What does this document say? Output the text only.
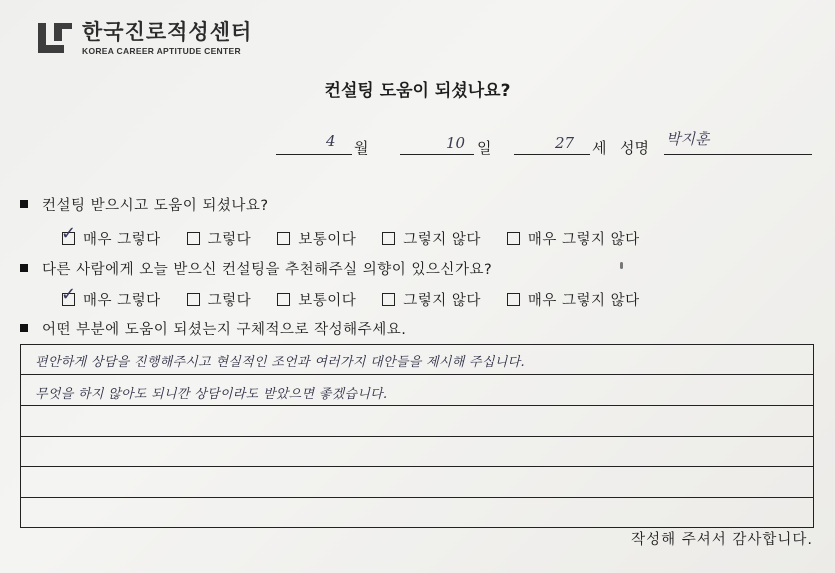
한국진로적성센터
KOREA CAREER APTITUDE CENTER
컨설팅 도움이 되셨나요?
4 월	10 일	27 세 성명 박지훈
컨설팅 받으시고 도움이 되셨나요?
✓ 매우 그렇다	그렇다	보통이다	그렇지 않다	매우 그렇지 않다
다른 사람에게 오늘 받으신 컨설팅을 추천해주실 의향이 있으신가요?
✓ 매우 그렇다	그렇다	보통이다	그렇지 않다	매우 그렇지 않다
어떤 부분에 도움이 되셨는지 구체적으로 작성해주세요.
편안하게 상담을 진행해주시고 현실적인 조언과 여러가지 대안들을 제시해 주십니다.
무엇을 하지 않아도 되니깐 상담이라도 받았으면 좋겠습니다.
작성해 주셔서 감사합니다.
